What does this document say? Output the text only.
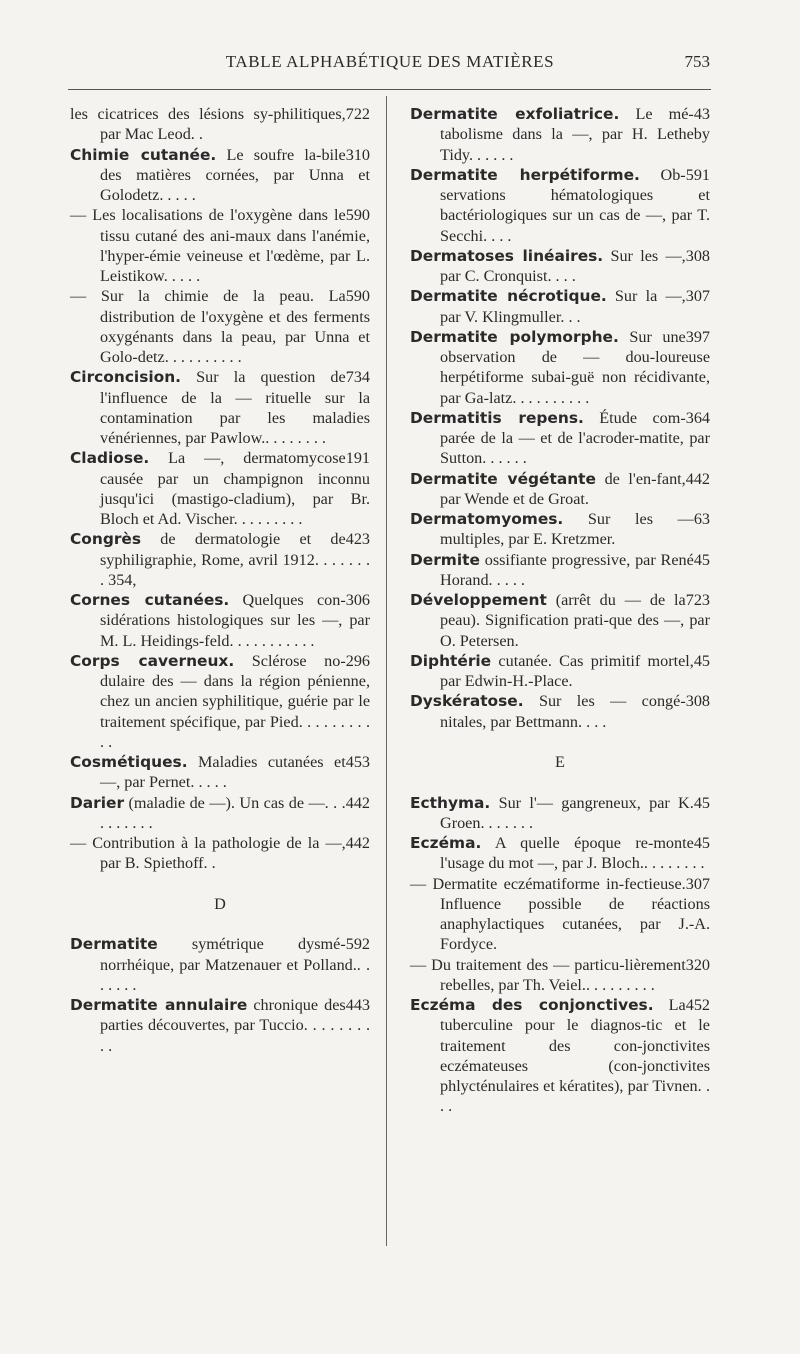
TABLE ALPHABÉTIQUE DES MATIÈRES	753
722
les cicatrices des lésions sy-philitiques, par Mac Leod. .
310
Chimie cutanée. Le soufre la-bile des matières cornées, par Unna et Golodetz. . . . .
590
— Les localisations de l'oxygène dans le tissu cutané des ani-maux dans l'anémie, l'hyper-émie veineuse et l'œdème, par L. Leistikow. . . . .
590
— Sur la chimie de la peau. La distribution de l'oxygène et des ferments oxygénants dans la peau, par Unna et Golo-detz. . . . . . . . . .
734
Circoncision. Sur la question de l'influence de la — rituelle sur la contamination par les maladies vénériennes, par Pawlow.. . . . . . . .
191
Cladiose. La —, dermatomycose causée par un champignon inconnu jusqu'ici (mastigo-cladium), par Br. Bloch et Ad. Vischer. . . . . . . . .
423
Congrès de dermatologie et de syphiligraphie, Rome, avril 1912. . . . . . . . 354,
306
Cornes cutanées. Quelques con-sidérations histologiques sur les —, par M. L. Heidings-feld. . . . . . . . . . .
296
Corps caverneux. Sclérose no-dulaire des — dans la région pénienne, chez un ancien syphilitique, guérie par le traitement spécifique, par Pied. . . . . . . . . . .
453
Cosmétiques. Maladies cutanées et —, par Pernet. . . . .
442
Darier (maladie de —). Un cas de —. . . . . . . . . .
442
— Contribution à la pathologie de la —, par B. Spiethoff. .
D
592
Dermatite symétrique dysmé-norrhéique, par Matzenauer et Polland.. . . . . . .
443
Dermatite annulaire chronique des parties découvertes, par Tuccio. . . . . . . . . .
43
Dermatite exfoliatrice. Le mé-tabolisme dans la —, par H. Letheby Tidy. . . . . .
591
Dermatite herpétiforme. Ob-servations hématologiques et bactériologiques sur un cas de —, par T. Secchi. . . .
308
Dermatoses linéaires. Sur les —, par C. Cronquist. . . .
307
Dermatite nécrotique. Sur la —, par V. Klingmuller. . .
397
Dermatite polymorphe. Sur une observation de — dou-loureuse herpétiforme subai-guë non récidivante, par Ga-latz. . . . . . . . . .
364
Dermatitis repens. Étude com-parée de la — et de l'acroder-matite, par Sutton. . . . . .
442
Dermatite végétante de l'en-fant, par Wende et de Groat.
63
Dermatomyomes. Sur les — multiples, par E. Kretzmer.
45
Dermite ossifiante progressive, par René Horand. . . . .
723
Développement (arrêt du — de la peau). Signification prati-que des —, par O. Petersen.
45
Diphtérie cutanée. Cas primitif mortel, par Edwin-H.-Place.
308
Dyskératose. Sur les — congé-nitales, par Bettmann. . . .
E
45
Ecthyma. Sur l'— gangreneux, par K. Groen. . . . . . .
45
Eczéma. A quelle époque re-monte l'usage du mot —, par J. Bloch.. . . . . . . .
307
— Dermatite eczématiforme in-fectieuse. Influence possible de réactions anaphylactiques cutanées, par J.-A. Fordyce.
320
— Du traitement des — particu-lièrement rebelles, par Th. Veiel.. . . . . . . . .
452
Eczéma des conjonctives. La tuberculine pour le diagnos-tic et le traitement des con-jonctivites eczémateuses (con-jonctivites phlycténulaires et kératites), par Tivnen. . . .
